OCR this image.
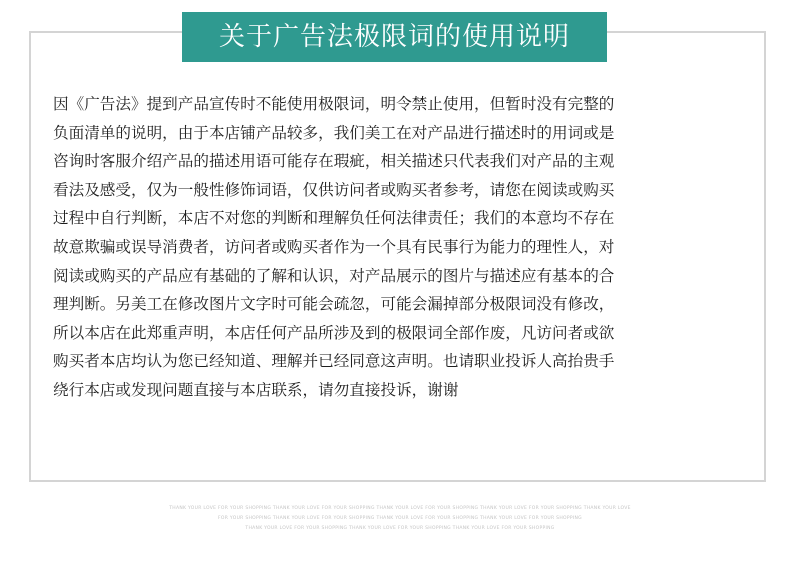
关于广告法极限词的使用说明
因《广告法》提到产品宣传时不能使用极限词，明令禁止使用，但暂时没有完整的
负面清单的说明，由于本店铺产品较多，我们美工在对产品进行描述时的用词或是
咨询时客服介绍产品的描述用语可能存在瑕疵，相关描述只代表我们对产品的主观
看法及感受，仅为一般性修饰词语，仅供访问者或购买者参考，请您在阅读或购买
过程中自行判断，本店不对您的判断和理解负任何法律责任；我们的本意均不存在
故意欺骗或误导消费者，访问者或购买者作为一个具有民事行为能力的理性人，对
阅读或购买的产品应有基础的了解和认识，对产品展示的图片与描述应有基本的合
理判断。另美工在修改图片文字时可能会疏忽，可能会漏掉部分极限词没有修改，
所以本店在此郑重声明，本店任何产品所涉及到的极限词全部作废，凡访问者或欲
购买者本店均认为您已经知道、理解并已经同意这声明。也请职业投诉人高抬贵手
绕行本店或发现问题直接与本店联系，请勿直接投诉，谢谢
THANK YOUR LOVE FOR YOUR SHOPPING THANK YOUR LOVE FOR YOUR SHOPPING THANK YOUR LOVE FOR YOUR SHOPPING THANK YOUR LOVE FOR YOUR SHOPPING THANK YOUR LOVE
FOR YOUR SHOPPING THANK YOUR LOVE FOR YOUR SHOPPING THANK YOUR LOVE FOR YOUR SHOPPING THANK YOUR LOVE FOR YOUR SHOPPING
THANK YOUR LOVE FOR YOUR SHOPPING THANK YOUR LOVE FOR YOUR SHOPPING THANK YOUR LOVE FOR YOUR SHOPPING
